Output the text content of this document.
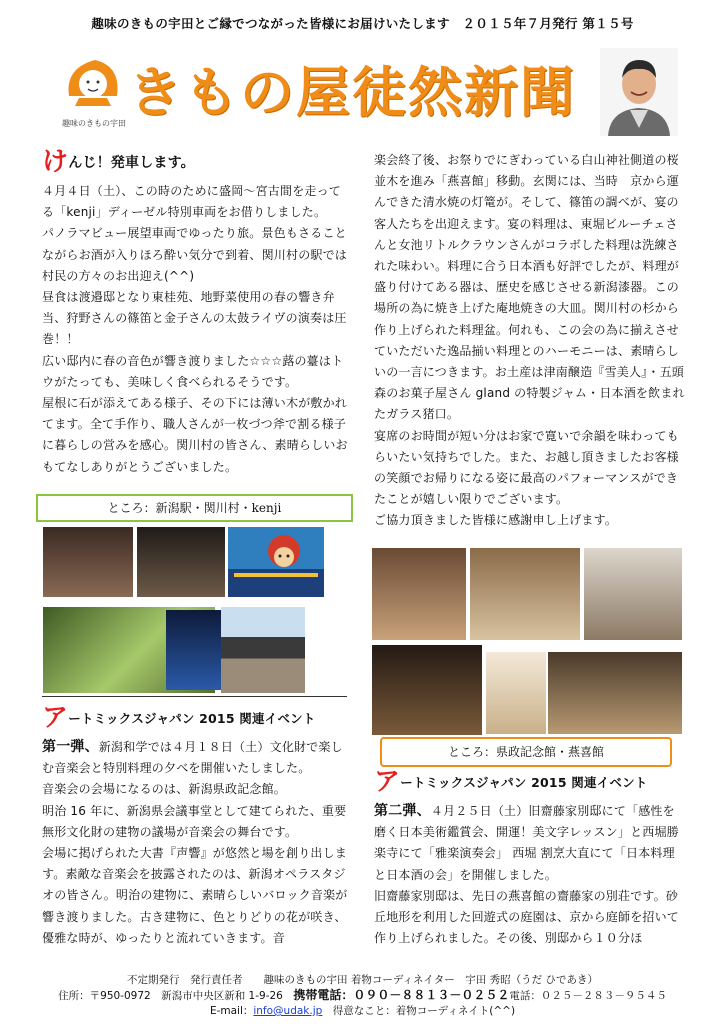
趣味のきもの宇田とご縁でつながった皆様にお届けいたします　２０１５年７月発行 第１５号
趣味のきもの宇田 きもの屋徒然新聞
けんじ！発車します。

４月４日（土）、この時のために盛岡～宮古間を走ってる「kenji」ディーゼル特別車両をお借りしました。

パノラマビュー展望車両でゆったり旅。景色もさることながらお酒が入りほろ酔い気分で到着、関川村の駅では村民の方々のお出迎え(^^)

昼食は渡邉邸となり東桂苑、地野菜使用の春の響き弁当、狩野さんの篠笛と金子さんの太鼓ライヴの演奏は圧巻！！

広い邸内に春の音色が響き渡りました☆☆☆蕗の薹はトウがたっても、美味しく食べられるそうです。

屋根に石が添えてある様子、その下には薄い木が敷かれてます。全て手作り、職人さんが一枚づつ斧で割る様子に暮らしの営みを感心。関川村の皆さん、素晴らしいおもてなしありがとうございました。

ところ：新潟駅・関川村・kenji
アートミックスジャパン 2015 関連イベント

第一弾、新潟和学では４月１８日（土）文化財で楽しむ音楽会と特別料理の夕べを開催いたしました。

音楽会の会場になるのは、新潟県政記念館。

明治 16 年に、新潟県会議事堂として建てられた、重要無形文化財の建物の議場が音楽会の舞台です。

会場に掲げられた大書『声響』が悠然と場を創り出します。素敵な音楽会を披露されたのは、新潟オペラスタジオの皆さん。明治の建物に、素晴らしいバロック音楽が響き渡りました。古き建物に、色とりどりの花が咲き、優雅な時が、ゆったりと流れていきます。音

楽会終了後、お祭りでにぎわっている白山神社側道の桜並木を進み「燕喜館」移動。玄関には、当時　京から運んできた清水焼の灯篭が。そして、篠笛の調べが、宴の客人たちを出迎えます。宴の料理は、東堀ビルーチェさんと女池リトルクラウンさんがコラボした料理は洗練された味わい。料理に合う日本酒も好評でしたが、料理が盛り付けてある器は、歴史を感じさせる新潟漆器。この場所の為に焼き上げた庵地焼きの大皿。関川村の杉から作り上げられた料理盆。何れも、この会の為に揃えさせていただいた逸品揃い料理とのハーモニーは、素晴らしいの一言につきます。お土産は津南醸造『雪美人』・五頭 森のお菓子屋さん gland の特製ジャム・日本酒を飲まれたガラス猪口。

宴席のお時間が短い分はお家で寛いで余韻を味わってもらいたい気持ちでした。また、お越し頂きましたお客様の笑顔でお帰りになる姿に最高のパフォーマンスができたことが嬉しい限りでございます。

ご協力頂きました皆様に感謝申し上げます。

ところ：県政記念館・燕喜館
アートミックスジャパン 2015 関連イベント

第二弾、４月２５日（土）旧齋藤家別邸にて「感性を磨く日本美術鑑賞会、開運！美文字レッスン」と西堀勝楽寺にて「雅楽演奏会」 西堀 割烹大直にて「日本料理と日本酒の会」を開催しました。

旧齋藤家別邸は、先日の燕喜館の齋藤家の別荘です。砂丘地形を利用した回遊式の庭園は、京から庭師を招いて作り上げられました。その後、別邸から１０分ほ

不定期発行　発行責任者　　趣味のきもの宇田 着物コーディネイター　宇田 秀昭（うだ ひであき）
住所：〒950-0972　新潟市中央区新和 1-9-26　携帯電話：０９０－８８１３－０２５２電話：０２５－２８３－９５４５
E-mail：info@udak.jp　得意なこと：着物コーディネイト(^^)
